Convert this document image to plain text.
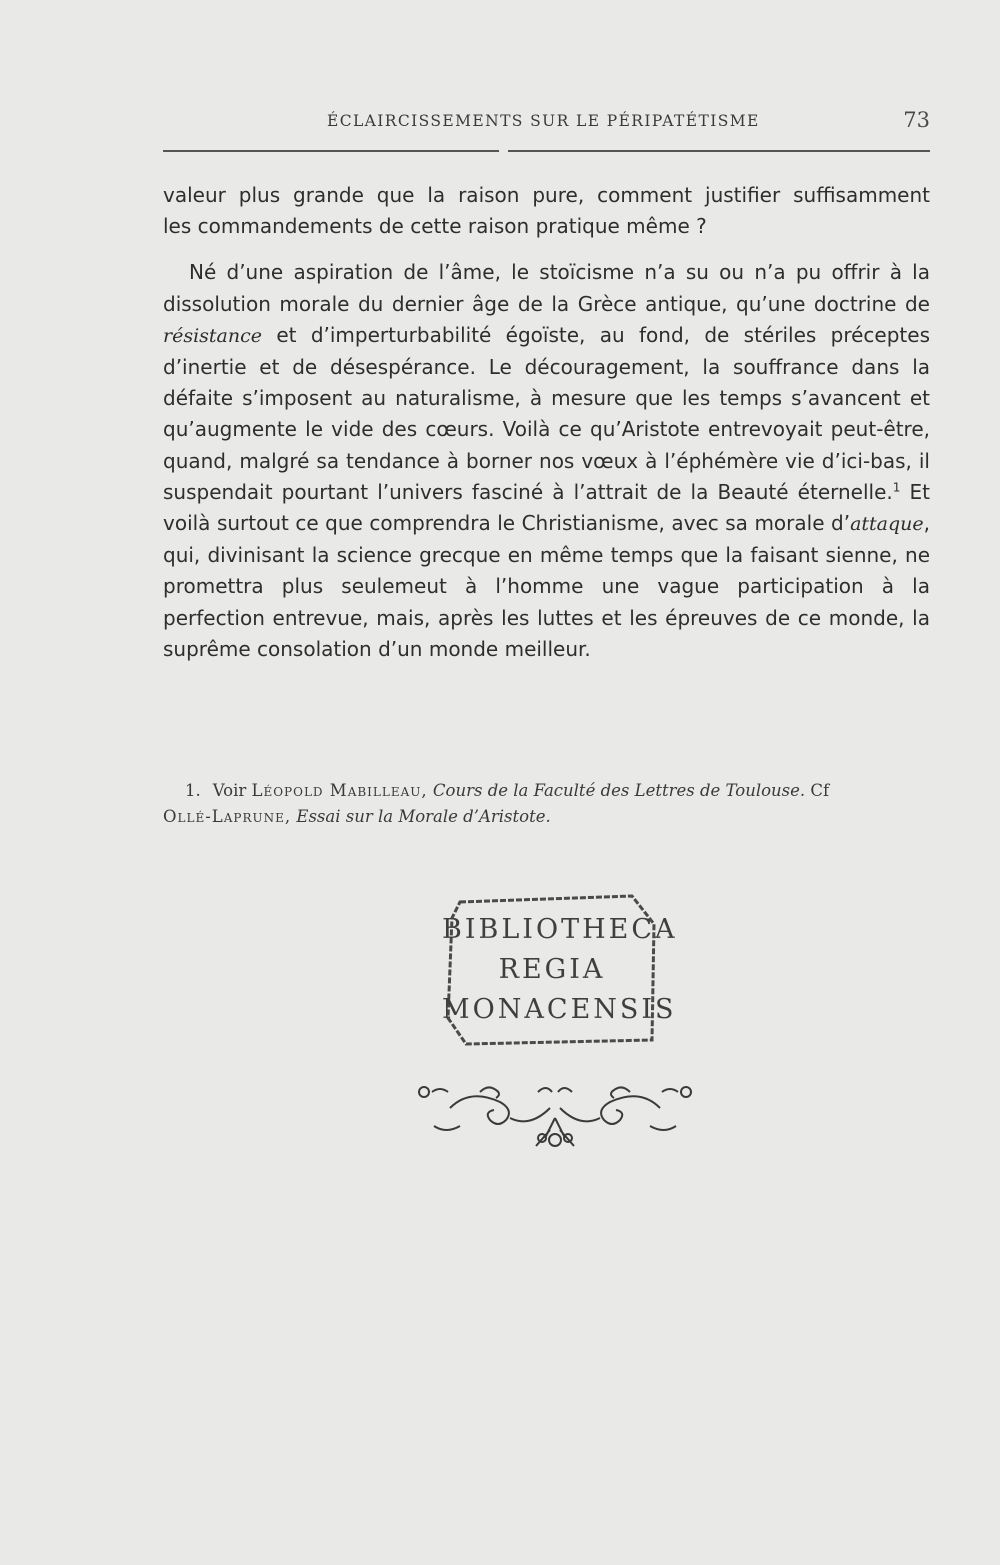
ÉCLAIRCISSEMENTS SUR LE PÉRIPATÉTISME	73

valeur plus grande que la raison pure, comment justifier suffisamment

les commandements de cette raison pratique même ?

Né d’une aspiration de l’âme, le stoïcisme n’a su ou n’a pu offrir à la dissolution morale du dernier âge de la Grèce antique, qu’une doctrine de résistance et d’imperturbabilité égoïste, au fond, de stériles préceptes d’inertie et de désespérance. Le découragement, la souffrance dans la défaite s’imposent au naturalisme, à mesure que les temps s’avancent et qu’augmente le vide des cœurs. Voilà ce qu’Aristote entrevoyait peut-être, quand, malgré sa tendance à borner nos vœux à l’éphémère vie d’ici-bas, il suspendait pourtant l’univers fasciné à l’attrait de la Beauté éternelle.$^1$ Et voilà surtout ce que comprendra le Christianisme, avec sa morale d’attaque, qui, divinisant la science grecque en même temps que la faisant sienne, ne promettra plus seulemeut à l’homme une vague participation à la perfection entrevue, mais, après les luttes et les épreuves de ce monde, la suprême consolation d’un monde meilleur.

1. Voir Léopold Mabilleau, Cours de la Faculté des Lettres de Toulouse. Cf

Ollé-Laprune, Essai sur la Morale d’Aristote.

BIBLIOTHECA
REGIA
MONACENSIS
